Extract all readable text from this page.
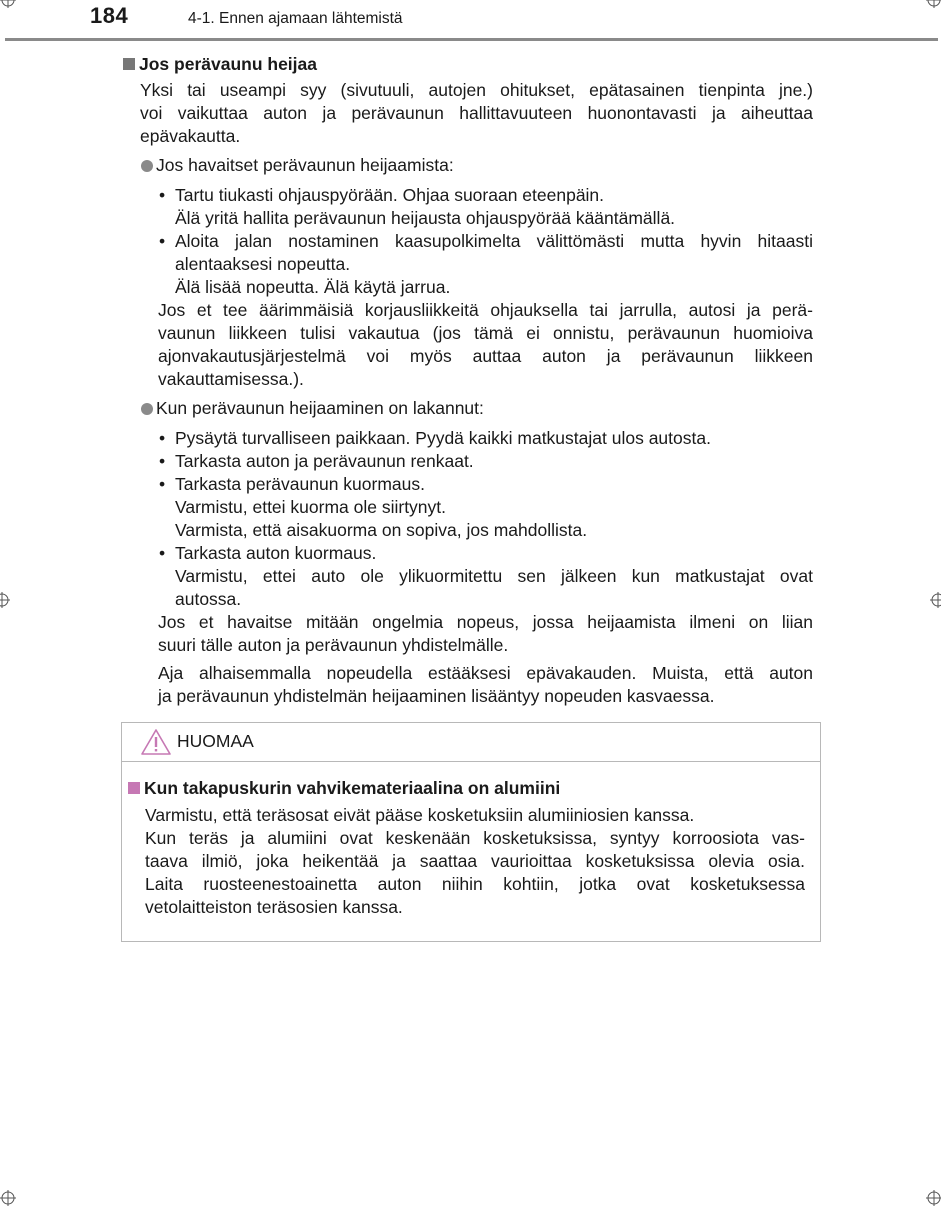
184	4-1. Ennen ajamaan lähtemistä
Jos perävaunu heijaa
Yksi tai useampi syy (sivutuuli, autojen ohitukset, epätasainen tienpinta jne.)
voi vaikuttaa auton ja perävaunun hallittavuuteen huonontavasti ja aiheuttaa
epävakautta.
Jos havaitset perävaunun heijaamista:
• Tartu tiukasti ohjauspyörään. Ohjaa suoraan eteenpäin.
Älä yritä hallita perävaunun heijausta ohjauspyörää kääntämällä.
• Aloita jalan nostaminen kaasupolkimelta välittömästi mutta hyvin hitaasti
alentaaksesi nopeutta.
Älä lisää nopeutta. Älä käytä jarrua.
Jos et tee äärimmäisiä korjausliikkeitä ohjauksella tai jarrulla, autosi ja perä-
vaunun liikkeen tulisi vakautua (jos tämä ei onnistu, perävaunun huomioiva
ajonvakautusjärjestelmä voi myös auttaa auton ja perävaunun liikkeen
vakauttamisessa.).
Kun perävaunun heijaaminen on lakannut:
• Pysäytä turvalliseen paikkaan. Pyydä kaikki matkustajat ulos autosta.
• Tarkasta auton ja perävaunun renkaat.
• Tarkasta perävaunun kuormaus.
Varmistu, ettei kuorma ole siirtynyt.
Varmista, että aisakuorma on sopiva, jos mahdollista.
• Tarkasta auton kuormaus.
Varmistu, ettei auto ole ylikuormitettu sen jälkeen kun matkustajat ovat
autossa.
Jos et havaitse mitään ongelmia nopeus, jossa heijaamista ilmeni on liian
suuri tälle auton ja perävaunun yhdistelmälle.
Aja alhaisemmalla nopeudella estääksesi epävakauden. Muista, että auton
ja perävaunun yhdistelmän heijaaminen lisääntyy nopeuden kasvaessa.
HUOMAA
Kun takapuskurin vahvikemateriaalina on alumiini
Varmistu, että teräsosat eivät pääse kosketuksiin alumiiniosien kanssa.
Kun teräs ja alumiini ovat keskenään kosketuksissa, syntyy korroosiota vas-
taava ilmiö, joka heikentää ja saattaa vaurioittaa kosketuksissa olevia osia.
Laita ruosteenestoainetta auton niihin kohtiin, jotka ovat kosketuksessa
vetolaitteiston teräsosien kanssa.
